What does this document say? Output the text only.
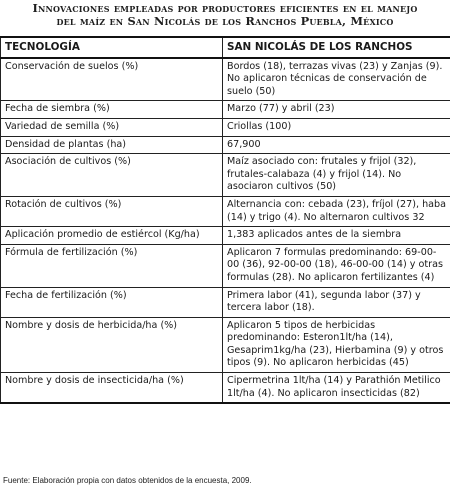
Innovaciones empleadas por productores eficientes en el manejo
del maíz en San Nicolás de los Ranchos Puebla, México
TECNOLOGÍA	SAN NICOLÁS DE LOS RANCHOS
Conservación de suelos (%)	Bordos (18), terrazas vivas (23) y Zanjas (9). No aplicaron técnicas de conservación de suelo (50)
Fecha de siembra (%)	Marzo (77) y abril (23)
Variedad de semilla (%)	Criollas (100)
Densidad de plantas (ha)	67,900
Asociación de cultivos (%)	Maíz asociado con: frutales y frijol (32), frutales-calabaza (4) y frijol (14). No asociaron cultivos (50)
Rotación de cultivos (%)	Alternancia con: cebada (23), fríjol (27), haba (14) y trigo (4). No alternaron cultivos 32
Aplicación promedio de estiércol (Kg/ha)	1,383 aplicados antes de la siembra
Fórmula de fertilización (%)	Aplicaron 7 formulas predominando: 69-00-00 (36), 92-00-00 (18), 46-00-00 (14) y otras formulas (28). No aplicaron fertilizantes (4)
Fecha de fertilización (%)	Primera labor (41), segunda labor (37) y tercera labor (18).
Nombre y dosis de herbicida/ha (%)	Aplicaron 5 tipos de herbicidas predominando: Esteron1lt/ha (14), Gesaprim1kg/ha (23), Hierbamina (9) y otros tipos (9). No aplicaron herbicidas (45)
Nombre y dosis de insecticida/ha (%)	Cipermetrina 1lt/ha (14) y Parathión Metilico 1lt/ha (4). No aplicaron insecticidas (82)
Fuente: Elaboración propia con datos obtenidos de la encuesta, 2009.
